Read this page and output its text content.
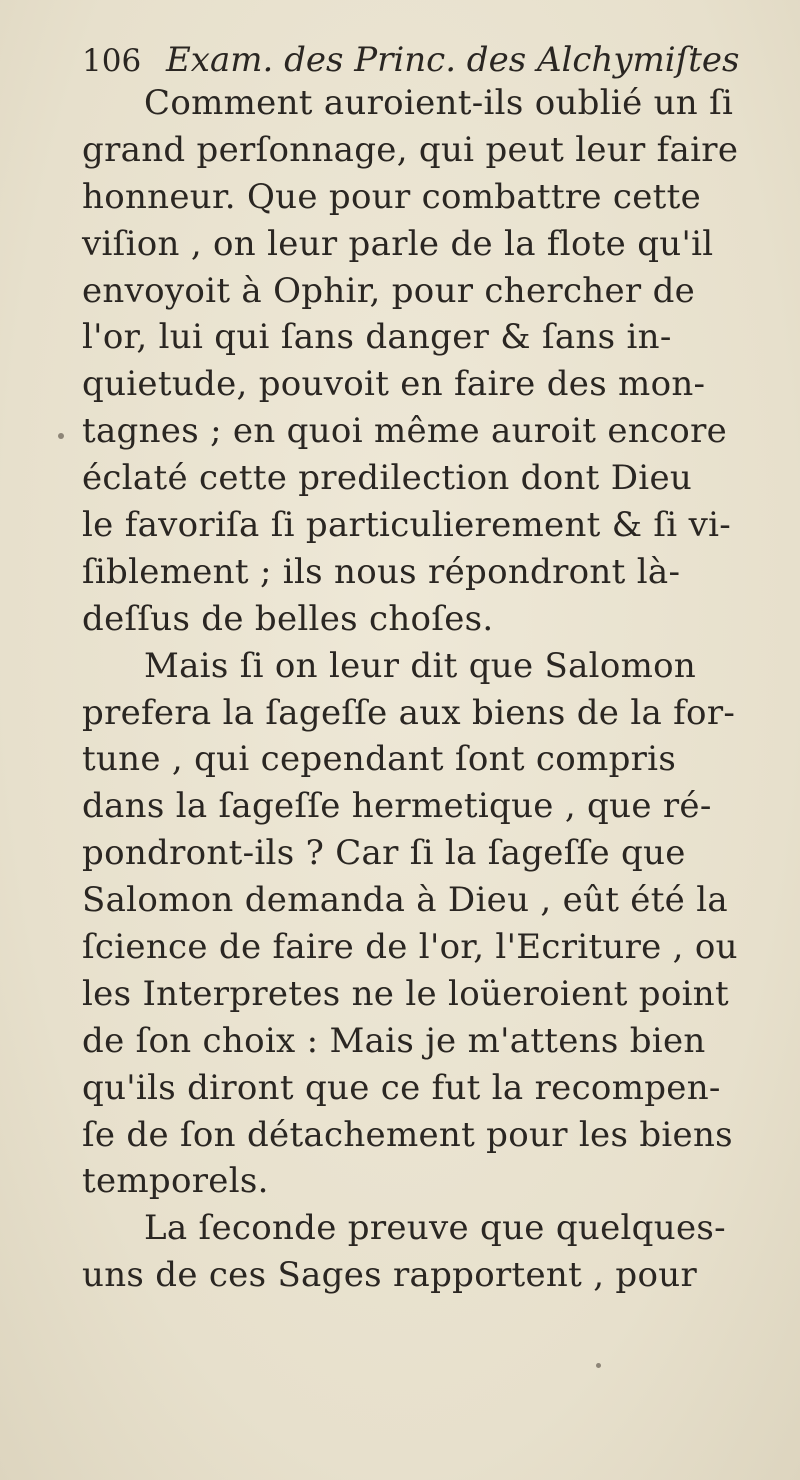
106 Exam. des Princ. des Alchymiſtes
Comment auroient-ils oublié un ſi
grand perſonnage, qui peut leur faire
honneur. Que pour combattre cette
viſion , on leur parle de la flote qu'il
envoyoit à Ophir, pour chercher de
l'or, lui qui ſans danger & ſans in-
quietude, pouvoit en faire des mon-
tagnes ; en quoi même auroit encore
éclaté cette predilection dont Dieu
le favoriſa ſi particulierement & ſi vi-
ſiblement ; ils nous répondront là-
deſſus de belles choſes.
Mais ſi on leur dit que Salomon
prefera la ſageſſe aux biens de la for-
tune , qui cependant ſont compris
dans la ſageſſe hermetique , que ré-
pondront-ils ? Car ſi la ſageſſe que
Salomon demanda à Dieu , eût été la
ſcience de faire de l'or, l'Ecriture , ou
les Interpretes ne le loüeroient point
de ſon choix : Mais je m'attens bien
qu'ils diront que ce fut la recompen-
ſe de ſon détachement pour les biens
temporels.
La ſeconde preuve que quelques-
uns de ces Sages rapportent , pour
